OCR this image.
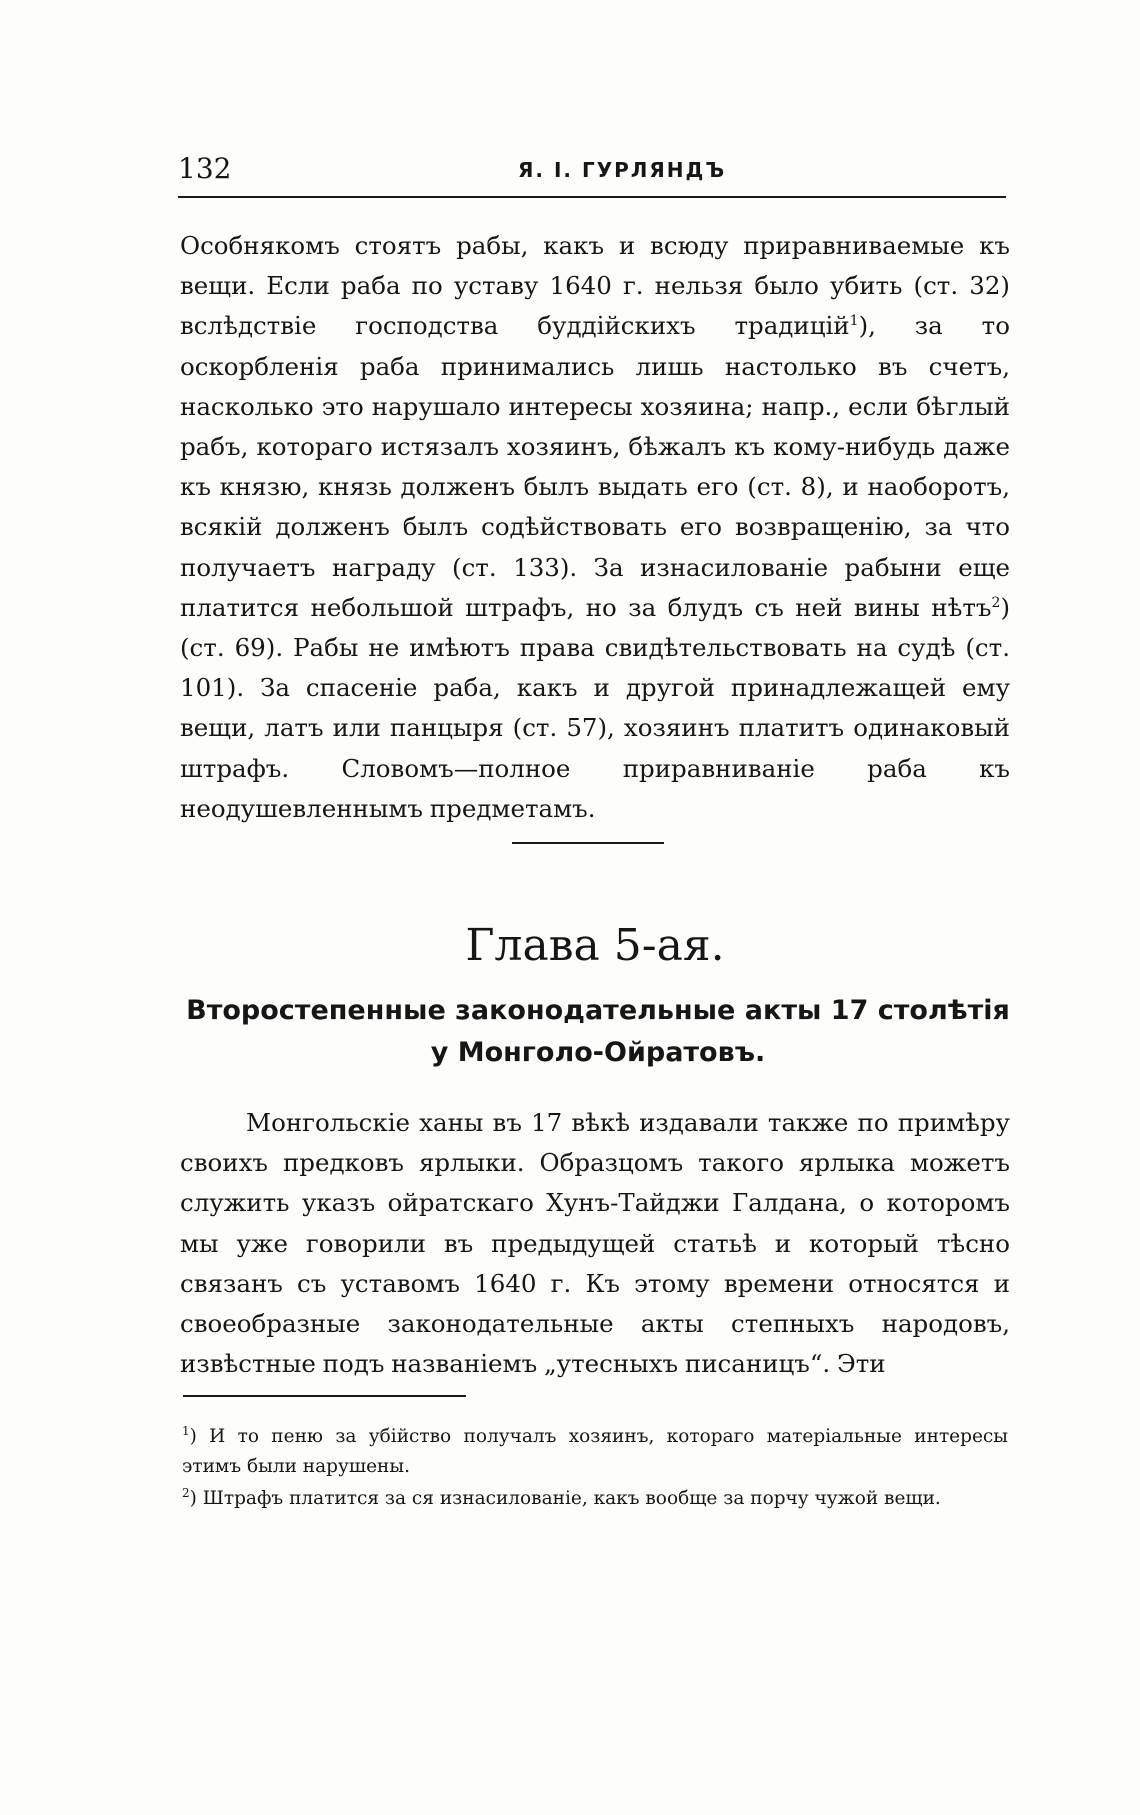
132	Я. І. ГУРЛЯНДЪ
Особнякомъ стоятъ рабы, какъ и всюду приравниваемые къ вещи. Если раба по уставу 1640 г. нельзя было убить (ст. 32) вслѣдствіе господства буддійскихъ традицій$^1$), за то оскорбленія раба принимались лишь настолько въ счетъ, насколько это нарушало интересы хозяина; напр., если бѣглый рабъ, котораго истязалъ хозяинъ, бѣжалъ къ кому-нибудь даже къ князю, князь долженъ былъ выдать его (ст. 8), и наоборотъ, всякій долженъ былъ содѣйствовать его возвращенію, за что получаетъ награду (ст. 133). За изнасилованіе рабыни еще платится небольшой штрафъ, но за блудъ съ ней вины нѣтъ$^2$) (ст. 69). Рабы не имѣютъ права свидѣтельствовать на судѣ (ст. 101). За спасеніе раба, какъ и другой принадлежащей ему вещи, латъ или панцыря (ст. 57), хозяинъ платитъ одинаковый штрафъ. Словомъ—полное приравниваніе раба къ неодушевленнымъ предметамъ.
Глава 5-ая.
Второстепенные законодательные акты 17 столѣтія у Монголо-Ойратовъ.
Монгольскіе ханы въ 17 вѣкѣ издавали также по примѣру своихъ предковъ ярлыки. Образцомъ такого ярлыка можетъ служить указъ ойратскаго Хунъ-Тайджи Галдана, о которомъ мы уже говорили въ предыдущей статьѣ и который тѣсно связанъ съ уставомъ 1640 г. Къ этому времени относятся и своеобразные законодательные акты степныхъ народовъ, извѣстные подъ названіемъ „утесныхъ писаницъ“. Эти
$^1$) И то пеню за убійство получалъ хозяинъ, котораго матеріальные интересы этимъ были нарушены.
$^2$) Штрафъ платится за ся изнасилованіе, какъ вообще за порчу чужой вещи.
